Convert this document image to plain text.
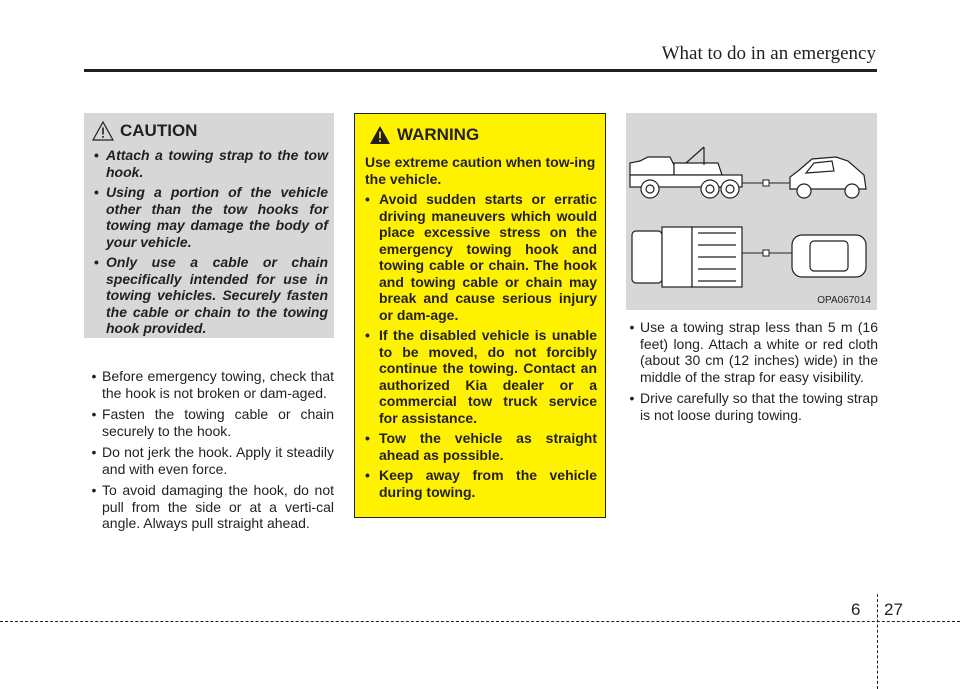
What to do in an emergency
CAUTION
• Attach a towing strap to the tow hook.
• Using a portion of the vehicle other than the tow hooks for towing may damage the body of your vehicle.
• Only use a cable or chain specifically intended for use in towing vehicles. Securely fasten the cable or chain to the towing hook provided.
• Before emergency towing, check that the hook is not broken or dam-aged.
• Fasten the towing cable or chain securely to the hook.
• Do not jerk the hook. Apply it steadily and with even force.
• To avoid damaging the hook, do not pull from the side or at a verti-cal angle. Always pull straight ahead.
WARNING
Use extreme caution when tow-ing the vehicle.
• Avoid sudden starts or erratic driving maneuvers which would place excessive stress on the emergency towing hook and towing cable or chain. The hook and towing cable or chain may break and cause serious injury or dam-age.
• If the disabled vehicle is unable to be moved, do not forcibly continue the towing. Contact an authorized Kia dealer or a commercial tow truck service for assistance.
• Tow the vehicle as straight ahead as possible.
• Keep away from the vehicle during towing.
OPA067014
• Use a towing strap less than 5 m (16 feet) long. Attach a white or red cloth (about 30 cm (12 inches) wide) in the middle of the strap for easy visibility.
• Drive carefully so that the towing strap is not loose during towing.
6 27
